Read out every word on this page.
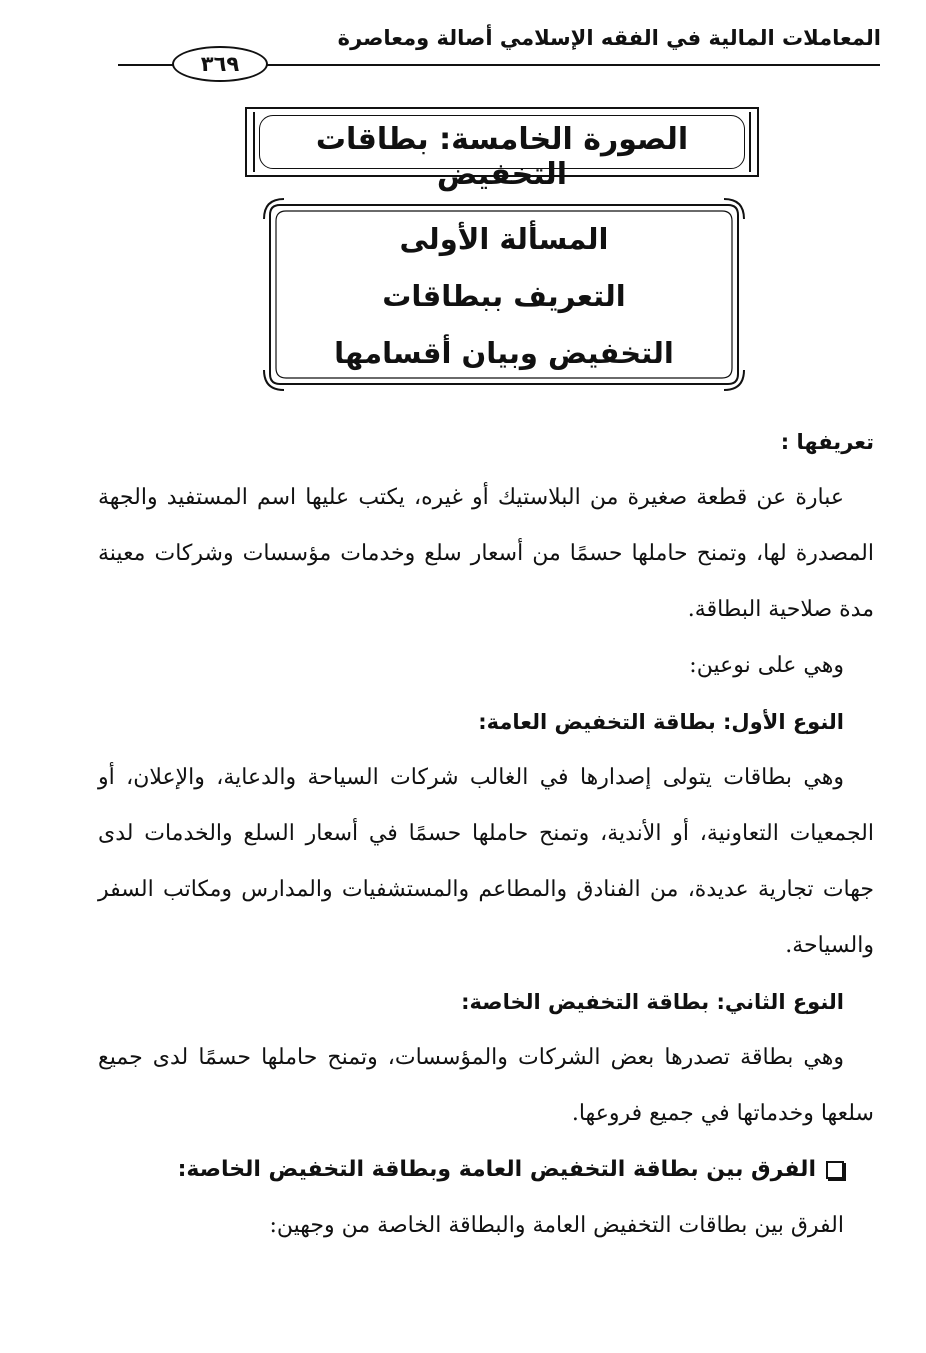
المعاملات المالية في الفقه الإسلامي أصالة ومعاصرة
٣٦٩
الصورة الخامسة: بطاقات التخفيض
المسألة الأولى
التعريف ببطاقات
التخفيض وبيان أقسامها

تعريفها :

عبارة عن قطعة صغيرة من البلاستيك أو غيره، يكتب عليها اسم المستفيد والجهة المصدرة لها، وتمنح حاملها حسمًا من أسعار سلع وخدمات مؤسسات وشركات معينة مدة صلاحية البطاقة.

وهي على نوعين:

النوع الأول: بطاقة التخفيض العامة:

وهي بطاقات يتولى إصدارها في الغالب شركات السياحة والدعاية، والإعلان، أو الجمعيات التعاونية، أو الأندية، وتمنح حاملها حسمًا في أسعار السلع والخدمات لدى جهات تجارية عديدة، من الفنادق والمطاعم والمستشفيات والمدارس ومكاتب السفر والسياحة.

النوع الثاني: بطاقة التخفيض الخاصة:

وهي بطاقة تصدرها بعض الشركات والمؤسسات، وتمنح حاملها حسمًا لدى جميع سلعها وخدماتها في جميع فروعها.

الفرق بين بطاقة التخفيض العامة وبطاقة التخفيض الخاصة:

الفرق بين بطاقات التخفيض العامة والبطاقة الخاصة من وجهين:
